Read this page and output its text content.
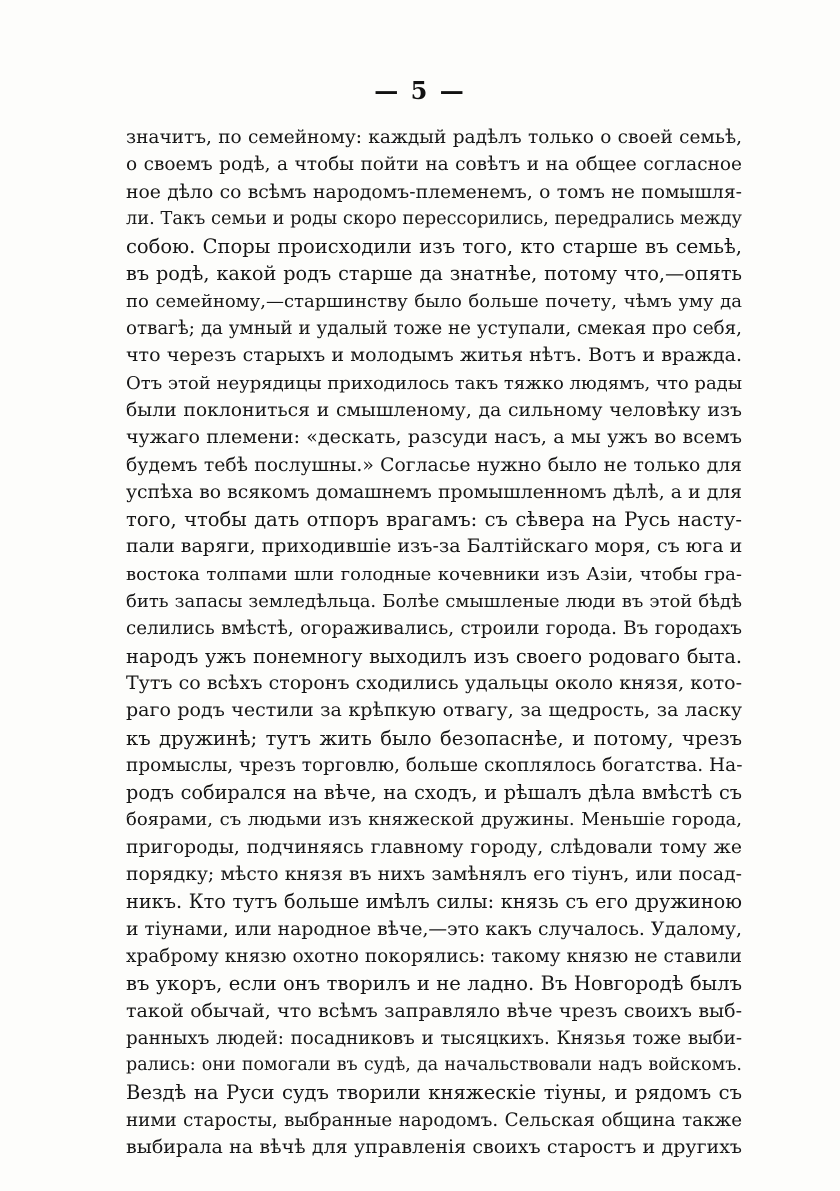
— 5 —
значитъ, по семейному: каждый радѣлъ только о своей семьѣ,
о своемъ родѣ, а чтобы пойти на совѣтъ и на общее согласное
ное дѣло со всѣмъ народомъ-племенемъ, о томъ не помышля-
ли. Такъ семьи и роды скоро перессорились, передрались между
собою. Споры происходили изъ того, кто старше въ семьѣ,
въ родѣ, какой родъ старше да знатнѣе, потому что,—опять
по семейному,—старшинству было больше почету, чѣмъ уму да
отвагѣ; да умный и удалый тоже не уступали, смекая про себя,
что черезъ старыхъ и молодымъ житья нѣтъ. Вотъ и вражда.
Отъ этой неурядицы приходилось такъ тяжко людямъ, что рады
были поклониться и смышленому, да сильному человѣку изъ
чужаго племени: «дескать, разсуди насъ, а мы ужъ во всемъ
будемъ тебѣ послушны.» Согласье нужно было не только для
успѣха во всякомъ домашнемъ промышленномъ дѣлѣ, а и для
того, чтобы дать отпоръ врагамъ: съ сѣвера на Русь насту-
пали варяги, приходившіе изъ-за Балтійскаго моря, съ юга и
востока толпами шли голодные кочевники изъ Азіи, чтобы гра-
бить запасы земледѣльца. Болѣе смышленые люди въ этой бѣдѣ
селились вмѣстѣ, огораживались, строили города. Въ городахъ
народъ ужъ понемногу выходилъ изъ своего родоваго быта.
Тутъ со всѣхъ сторонъ сходились удальцы около князя, кото-
раго родъ честили за крѣпкую отвагу, за щедрость, за ласку
къ дружинѣ; тутъ жить было безопаснѣе, и потому, чрезъ
промыслы, чрезъ торговлю, больше скоплялось богатства. На-
родъ собирался на вѣче, на сходъ, и рѣшалъ дѣла вмѣстѣ съ
боярами, съ людьми изъ княжеской дружины. Меньшіе города,
пригороды, подчиняясь главному городу, слѣдовали тому же
порядку; мѣсто князя въ нихъ замѣнялъ его тіунъ, или посад-
никъ. Кто тутъ больше имѣлъ силы: князь съ его дружиною
и тіунами, или народное вѣче,—это какъ случалось. Удалому,
храброму князю охотно покорялись: такому князю не ставили
въ укоръ, если онъ творилъ и не ладно. Въ Новгородѣ былъ
такой обычай, что всѣмъ заправляло вѣче чрезъ своихъ выб-
ранныхъ людей: посадниковъ и тысяцкихъ. Князья тоже выби-
рались: они помогали въ судѣ, да начальствовали надъ войскомъ.
Вездѣ на Руси судъ творили княжескіе тіуны, и рядомъ съ
ними старосты, выбранные народомъ. Сельская община также
выбирала на вѣчѣ для управленія своихъ старостъ и другихъ
